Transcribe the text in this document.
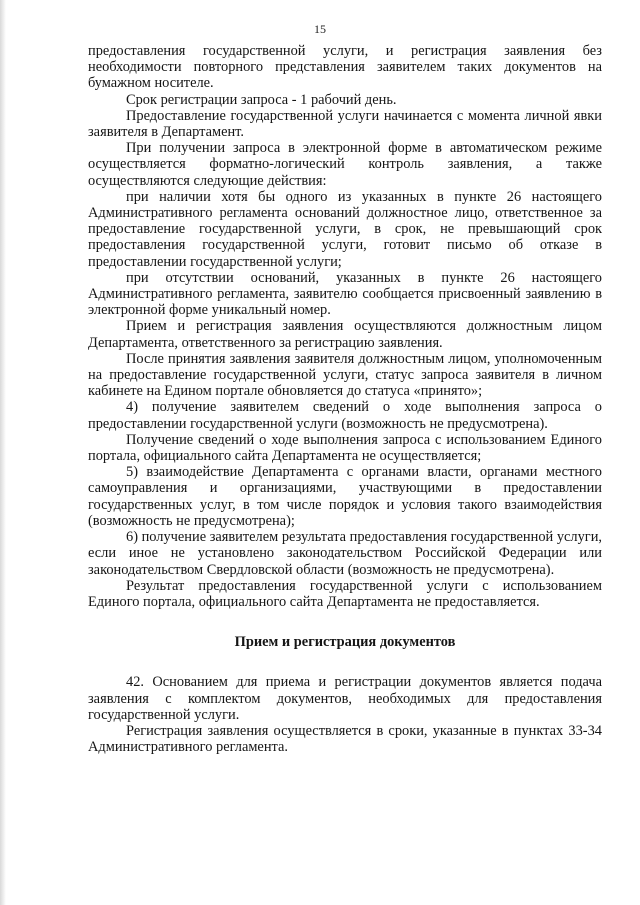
15

предоставления государственной услуги, и регистрация заявления без необходимости повторного представления заявителем таких документов на бумажном носителе.

Срок регистрации запроса - 1 рабочий день.

Предоставление государственной услуги начинается с момента личной явки заявителя в Департамент.

При получении запроса в электронной форме в автоматическом режиме осуществляется форматно-логический контроль заявления, а также осуществляются следующие действия:

при наличии хотя бы одного из указанных в пункте 26 настоящего Административного регламента оснований должностное лицо, ответственное за предоставление государственной услуги, в срок, не превышающий срок предоставления государственной услуги, готовит письмо об отказе в предоставлении государственной услуги;

при отсутствии оснований, указанных в пункте 26 настоящего Административного регламента, заявителю сообщается присвоенный заявлению в электронной форме уникальный номер.

Прием и регистрация заявления осуществляются должностным лицом Департамента, ответственного за регистрацию заявления.

После принятия заявления заявителя должностным лицом, уполномоченным на предоставление государственной услуги, статус запроса заявителя в личном кабинете на Едином портале обновляется до статуса «принято»;

4) получение заявителем сведений о ходе выполнения запроса о предоставлении государственной услуги (возможность не предусмотрена).

Получение сведений о ходе выполнения запроса с использованием Единого портала, официального сайта Департамента не осуществляется;

5) взаимодействие Департамента с органами власти, органами местного самоуправления и организациями, участвующими в предоставлении государственных услуг, в том числе порядок и условия такого взаимодействия (возможность не предусмотрена);

6) получение заявителем результата предоставления государственной услуги, если иное не установлено законодательством Российской Федерации или законодательством Свердловской области (возможность не предусмотрена).

Результат предоставления государственной услуги с использованием Единого портала, официального сайта Департамента не предоставляется.

Прием и регистрация документов

42. Основанием для приема и регистрации документов является подача заявления с комплектом документов, необходимых для предоставления государственной услуги.

Регистрация заявления осуществляется в сроки, указанные в пунктах 33-34 Административного регламента.
